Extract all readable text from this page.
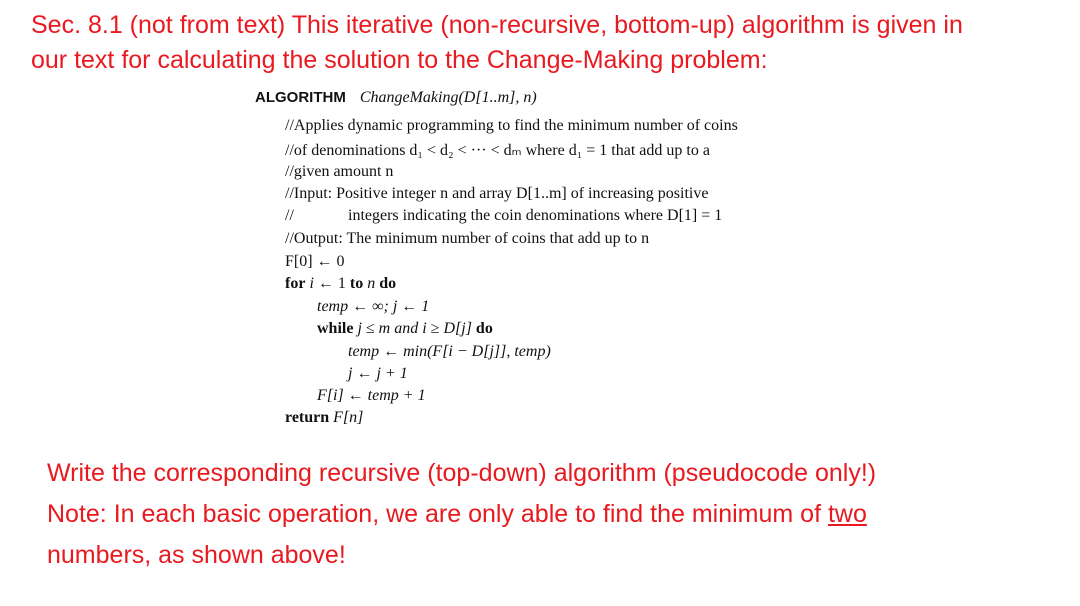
Sec. 8.1 (not from text) This iterative (non-recursive, bottom-up) algorithm is given in
our text for calculating the solution to the Change-Making problem:
ALGORITHM ChangeMaking(D[1..m], n)
//Applies dynamic programming to find the minimum number of coins
//of denominations d₁ < d₂ < ··· < dₘ where d₁ = 1 that add up to a
//given amount n
//Input: Positive integer n and array D[1..m] of increasing positive
//	integers indicating the coin denominations where D[1] = 1
//Output: The minimum number of coins that add up to n
F[0] ← 0
for i ← 1 to n do
temp ← ∞; j ← 1
while j ≤ m and i ≥ D[j] do
temp ← min(F[i − D[j]], temp)
j ← j + 1
F[i] ← temp + 1
return F[n]
Write the corresponding recursive (top-down) algorithm (pseudocode only!)
Note: In each basic operation, we are only able to find the minimum of two
numbers, as shown above!
